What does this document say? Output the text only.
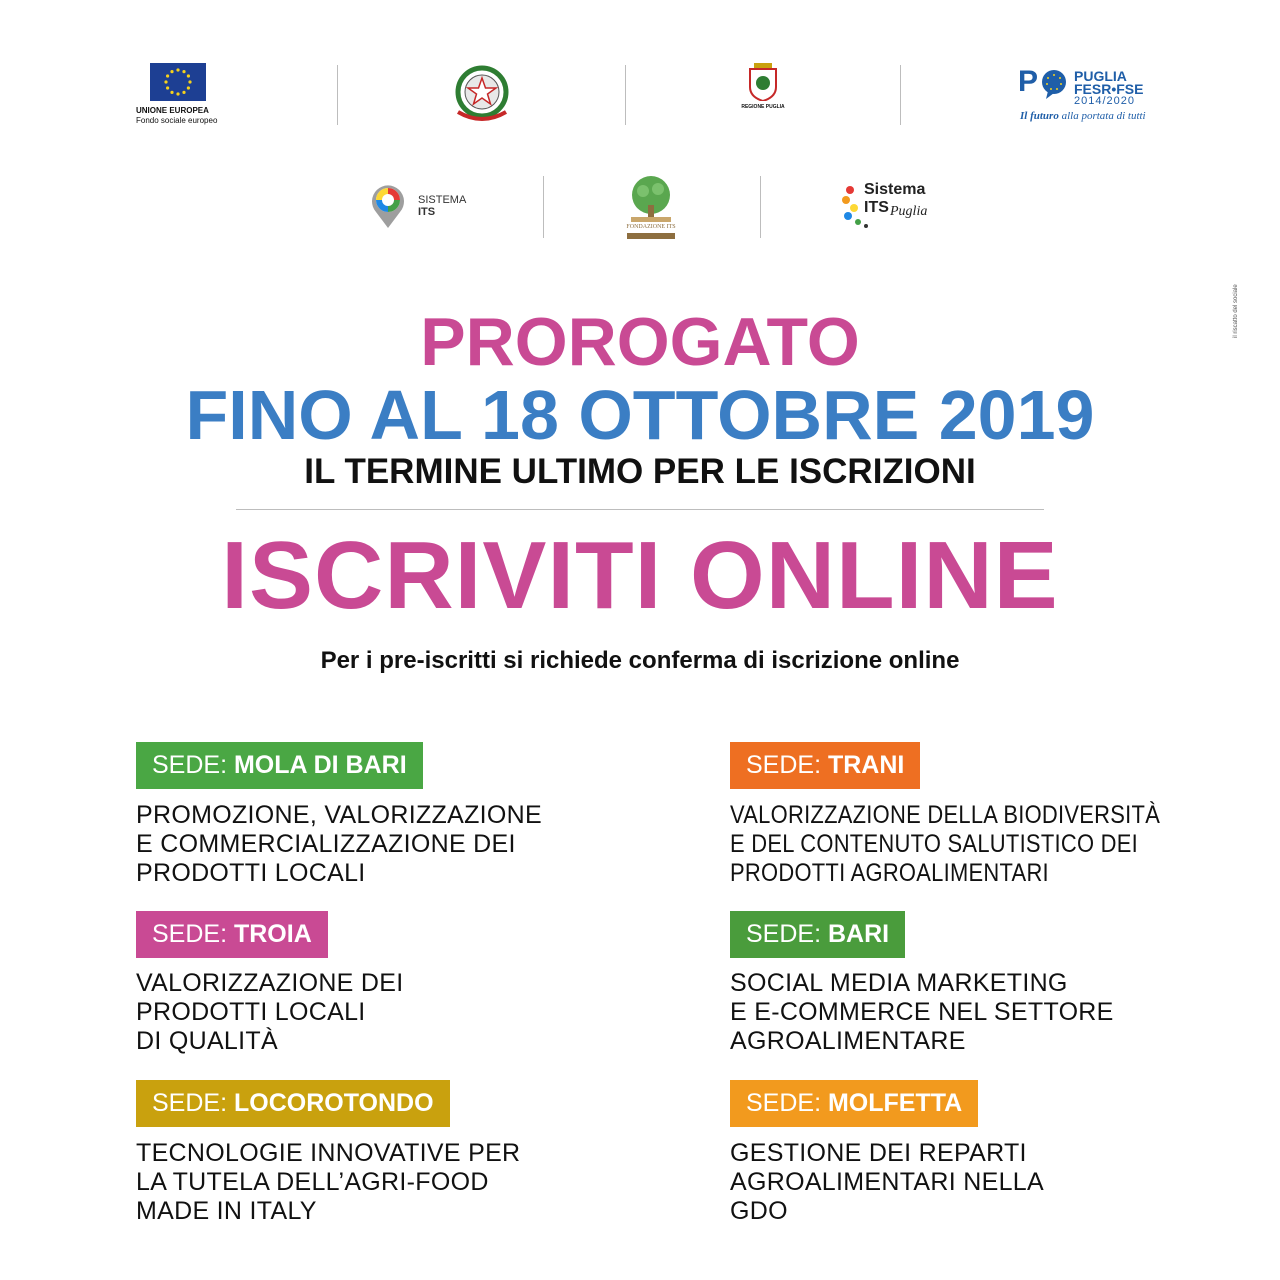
UNIONE EUROPEA
Fondo sociale europeo
REGIONE PUGLIA
P	PUGLIA
FESR•FSE
2014/2020
Il futuro alla portata di tutti
SISTEMA
ITS
FONDAZIONE ITS
Sistema
ITS Puglia
il riscatto del sociale
PROROGATO
FINO AL 18 OTTOBRE 2019
IL TERMINE ULTIMO PER LE ISCRIZIONI
ISCRIVITI ONLINE
Per i pre-iscritti si richiede conferma di iscrizione online
SEDE: MOLA DI BARI
PROMOZIONE, VALORIZZAZIONE
E COMMERCIALIZZAZIONE DEI
PRODOTTI LOCALI
SEDE: TRANI
VALORIZZAZIONE DELLA BIODIVERSITÀ
E DEL CONTENUTO SALUTISTICO DEI
PRODOTTI AGROALIMENTARI
SEDE: TROIA
VALORIZZAZIONE DEI
PRODOTTI LOCALI
DI QUALITÀ
SEDE: BARI
SOCIAL MEDIA MARKETING
E E-COMMERCE NEL SETTORE
AGROALIMENTARE
SEDE: LOCOROTONDO
TECNOLOGIE INNOVATIVE PER
LA TUTELA DELL’AGRI-FOOD
MADE IN ITALY
SEDE: MOLFETTA
GESTIONE DEI REPARTI
AGROALIMENTARI NELLA
GDO
